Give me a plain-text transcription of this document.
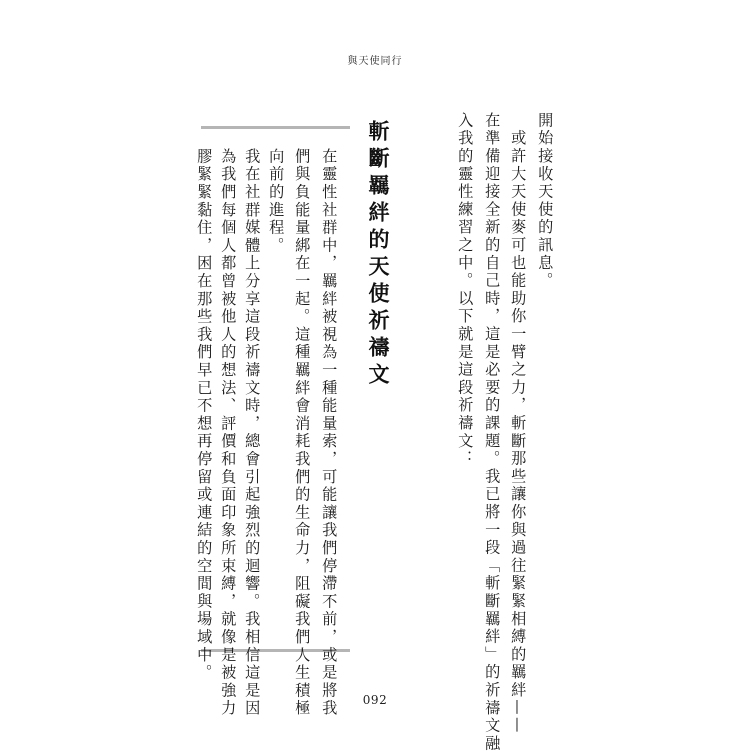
與天使同行
開始接收天使的訊息。
　或許大天使麥可也能助你一臂之力，斬斷那些讓你與過往緊緊相縛的羈絆——
在準備迎接全新的自己時，這是必要的課題。我已將一段「斬斷羈絆」的祈禱文融
入我的靈性練習之中。以下就是這段祈禱文：
斬斷羈絆的天使祈禱文
在靈性社群中，羈絆被視為一種能量索，可能讓我們停滯不前，或是將我
們與負能量綁在一起。這種羈絆會消耗我們的生命力，阻礙我們人生積極
向前的進程。
我在社群媒體上分享這段祈禱文時，總會引起強烈的迴響。我相信這是因
為我們每個人都曾被他人的想法、評價和負面印象所束縛，就像是被強力
膠緊緊黏住，困在那些我們早已不想再停留或連結的空間與場域中。
092
